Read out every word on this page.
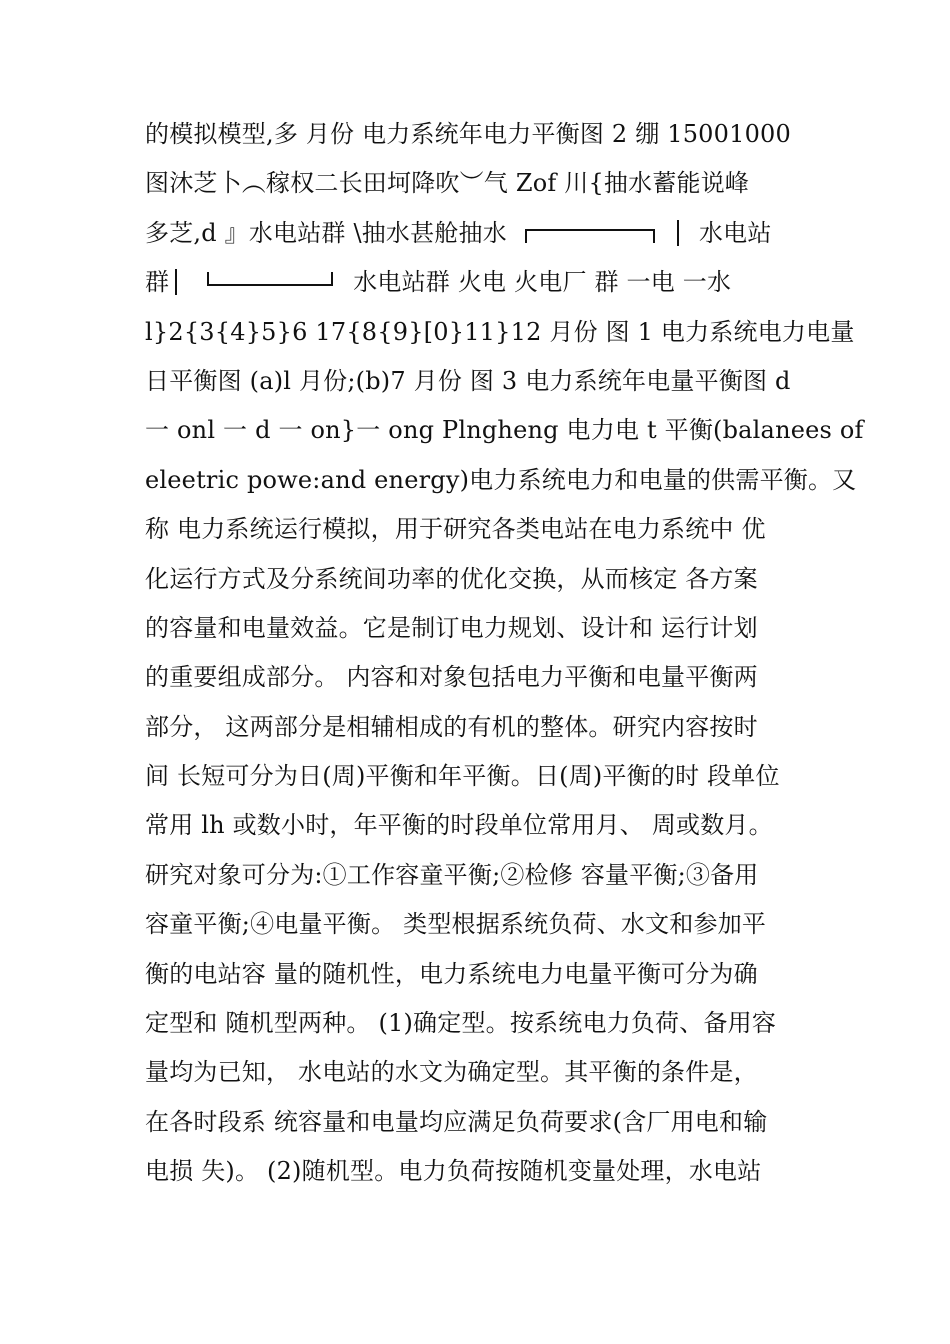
的模拟模型,多 月份 电力系统年电力平衡图 2 绷 15001000
图沐芝卜︵稼权二长田坷降吹︶气 Zof 川{抽水蓄能说峰
多芝,d 』水电站群 \抽水甚舱抽水	水电站
群	水电站群 火电 火电厂 群 一电 一水
l}2{3{4}5}6 17{8{9}[0}11}12 月份 图 1 电力系统电力电量
日平衡图 (a)l 月份;(b)7 月份 图 3 电力系统年电量平衡图 d
一 onl 一 d 一 on}一 ong Plngheng 电力电 t 平衡(balanees of
eleetric powe:and energy)电力系统电力和电量的供需平衡。又
称 电力系统运行模拟，用于研究各类电站在电力系统中 优
化运行方式及分系统间功率的优化交换，从而核定 各方案
的容量和电量效益。它是制订电力规划、设计和 运行计划
的重要组成部分。 内容和对象包括电力平衡和电量平衡两
部分， 这两部分是相辅相成的有机的整体。研究内容按时
间 长短可分为日(周)平衡和年平衡。日(周)平衡的时 段单位
常用 lh 或数小时，年平衡的时段单位常用月、 周或数月。
研究对象可分为:①工作容童平衡;②检修 容量平衡;③备用
容童平衡;④电量平衡。 类型根据系统负荷、水文和参加平
衡的电站容 量的随机性，电力系统电力电量平衡可分为确
定型和 随机型两种。 (1)确定型。按系统电力负荷、备用容
量均为已知， 水电站的水文为确定型。其平衡的条件是，
在各时段系 统容量和电量均应满足负荷要求(含厂用电和输
电损 失)。 (2)随机型。电力负荷按随机变量处理，水电站
